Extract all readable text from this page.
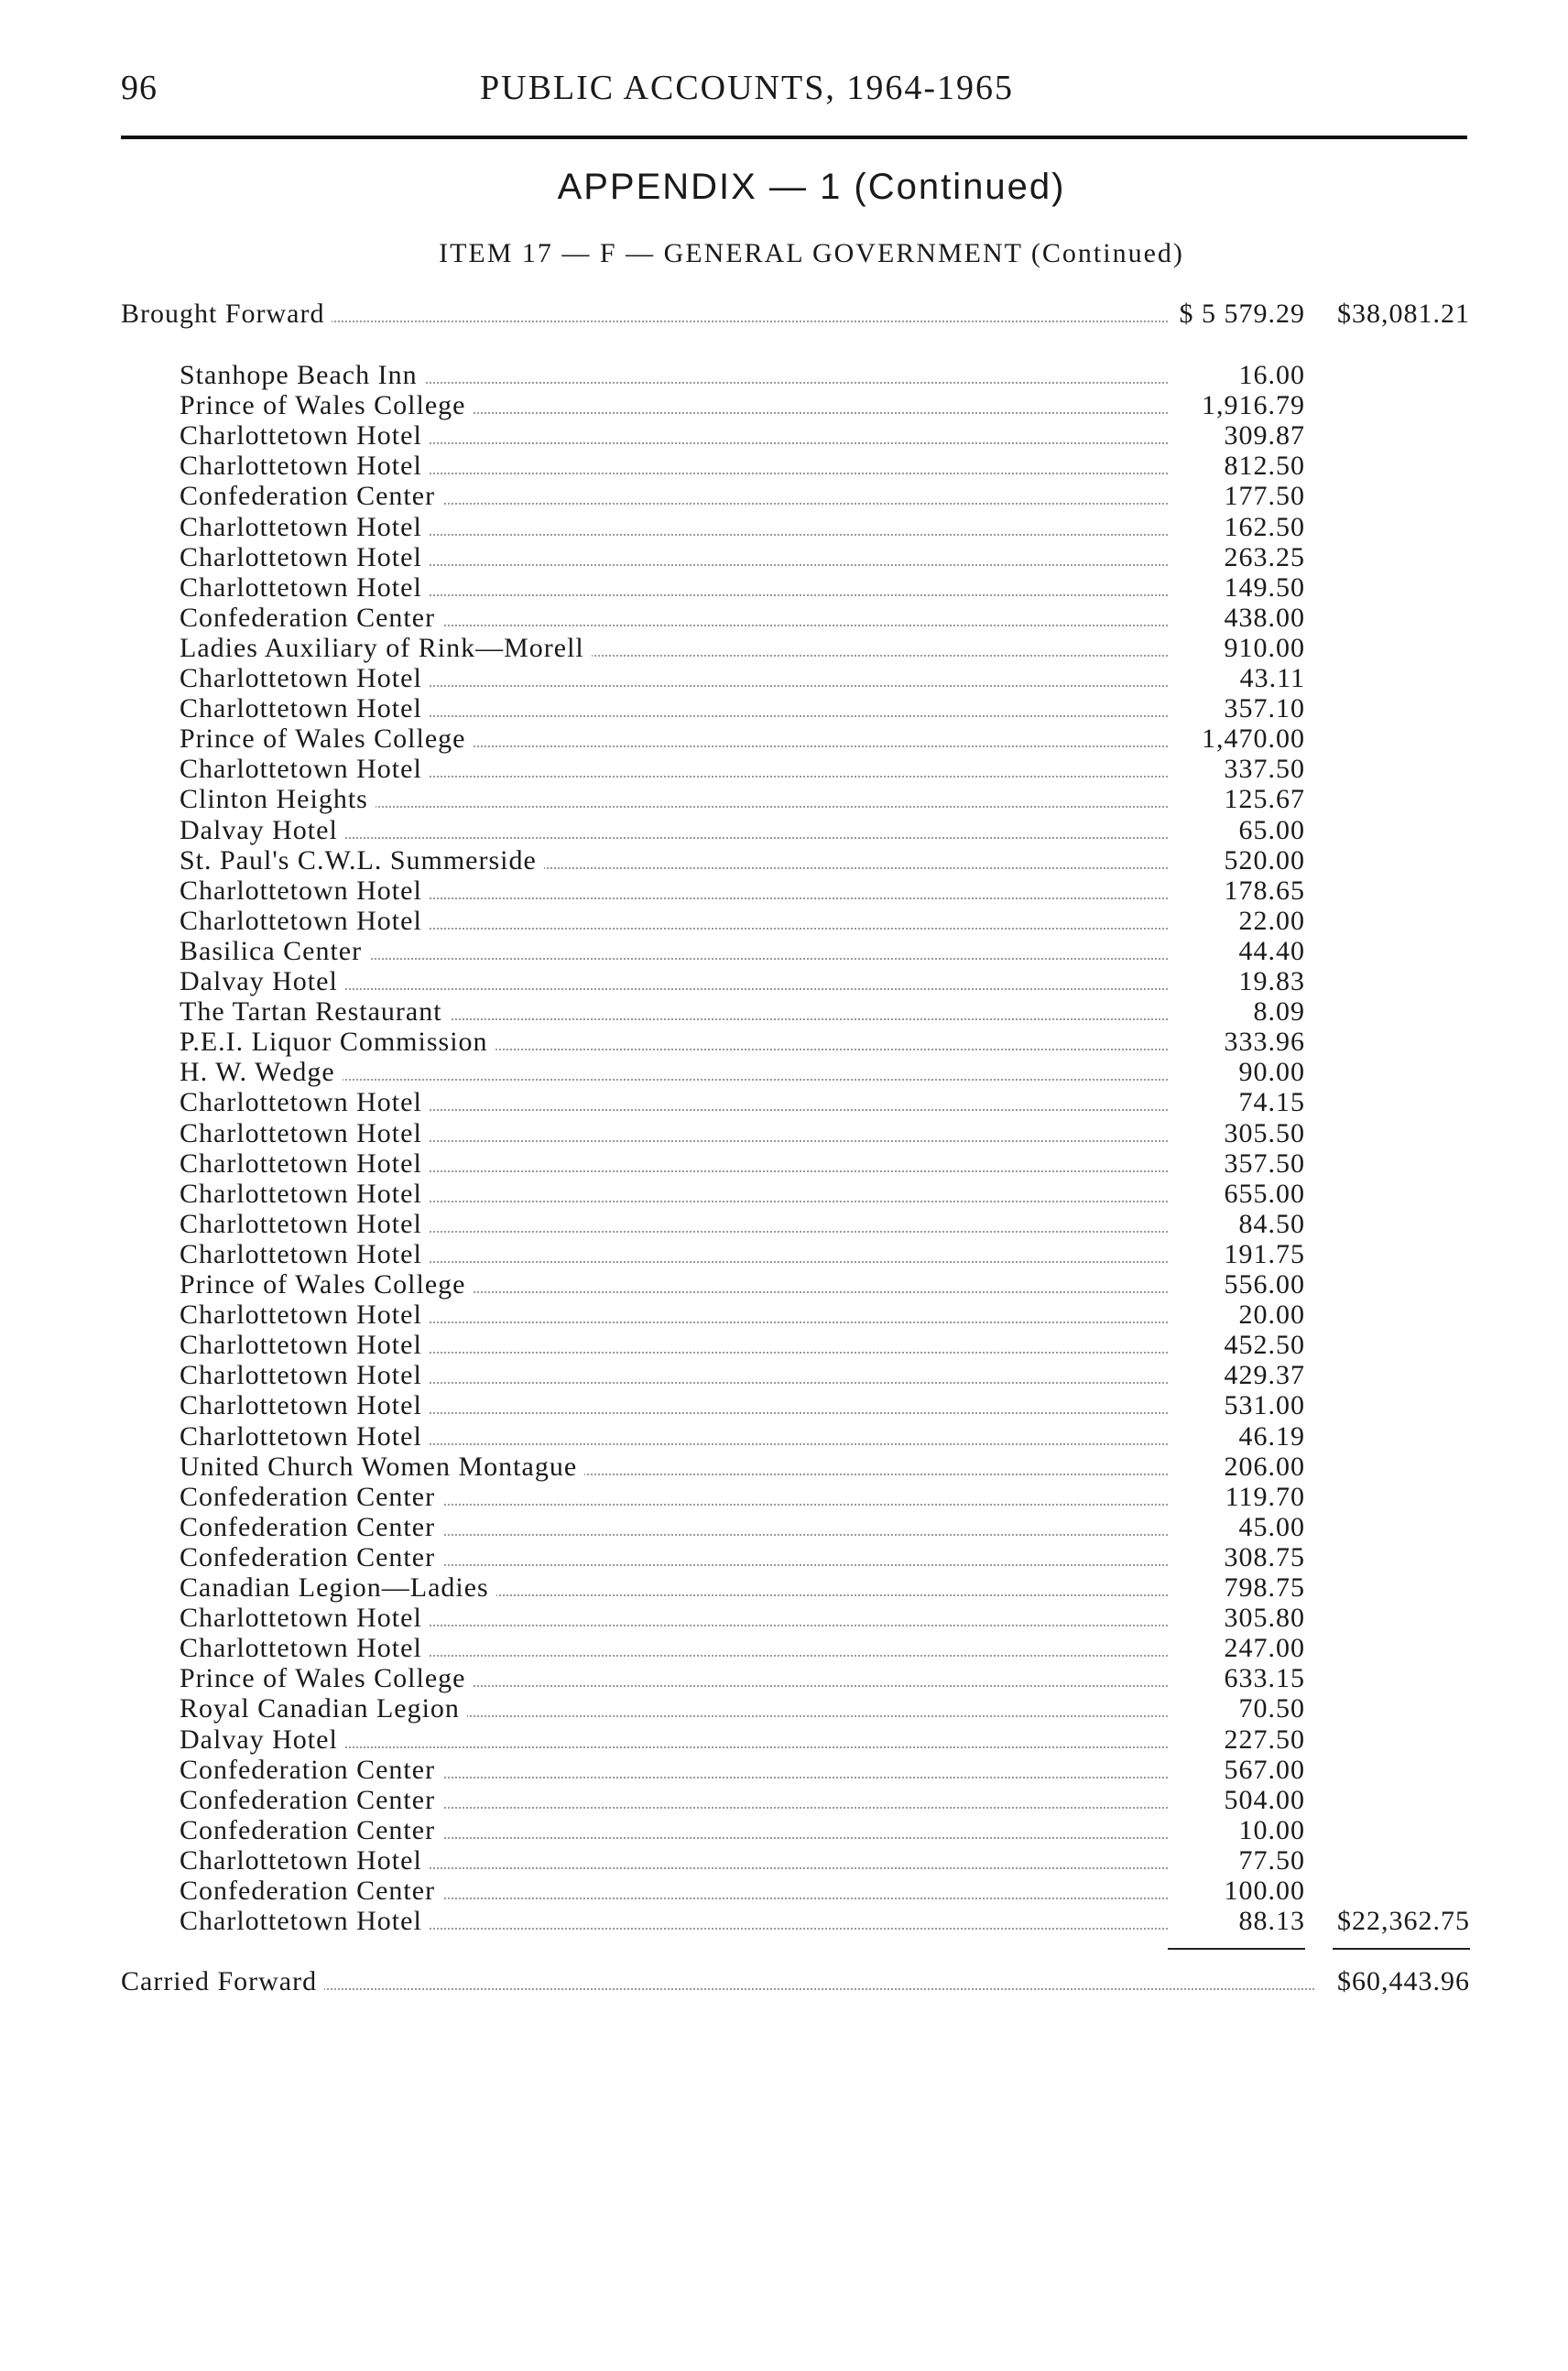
96	PUBLIC ACCOUNTS, 1964-1965
APPENDIX — 1 (Continued)
ITEM 17 — F — GENERAL GOVERNMENT (Continued)
Brought Forward	$ 5 579.29 $38,081.21
Stanhope Beach Inn	16.00
Prince of Wales College	1,916.79
Charlottetown Hotel	309.87
Charlottetown Hotel	812.50
Confederation Center	177.50
Charlottetown Hotel	162.50
Charlottetown Hotel	263.25
Charlottetown Hotel	149.50
Confederation Center	438.00
Ladies Auxiliary of Rink—Morell	910.00
Charlottetown Hotel	43.11
Charlottetown Hotel	357.10
Prince of Wales College	1,470.00
Charlottetown Hotel	337.50
Clinton Heights	125.67
Dalvay Hotel	65.00
St. Paul's C.W.L. Summerside	520.00
Charlottetown Hotel	178.65
Charlottetown Hotel	22.00
Basilica Center	44.40
Dalvay Hotel	19.83
The Tartan Restaurant	8.09
P.E.I. Liquor Commission	333.96
H. W. Wedge	90.00
Charlottetown Hotel	74.15
Charlottetown Hotel	305.50
Charlottetown Hotel	357.50
Charlottetown Hotel	655.00
Charlottetown Hotel	84.50
Charlottetown Hotel	191.75
Prince of Wales College	556.00
Charlottetown Hotel	20.00
Charlottetown Hotel	452.50
Charlottetown Hotel	429.37
Charlottetown Hotel	531.00
Charlottetown Hotel	46.19
United Church Women Montague	206.00
Confederation Center	119.70
Confederation Center	45.00
Confederation Center	308.75
Canadian Legion—Ladies	798.75
Charlottetown Hotel	305.80
Charlottetown Hotel	247.00
Prince of Wales College	633.15
Royal Canadian Legion	70.50
Dalvay Hotel	227.50
Confederation Center	567.00
Confederation Center	504.00
Confederation Center	10.00
Charlottetown Hotel	77.50
Confederation Center	100.00
Charlottetown Hotel	88.13 $22,362.75
Carried Forward	$60,443.96
